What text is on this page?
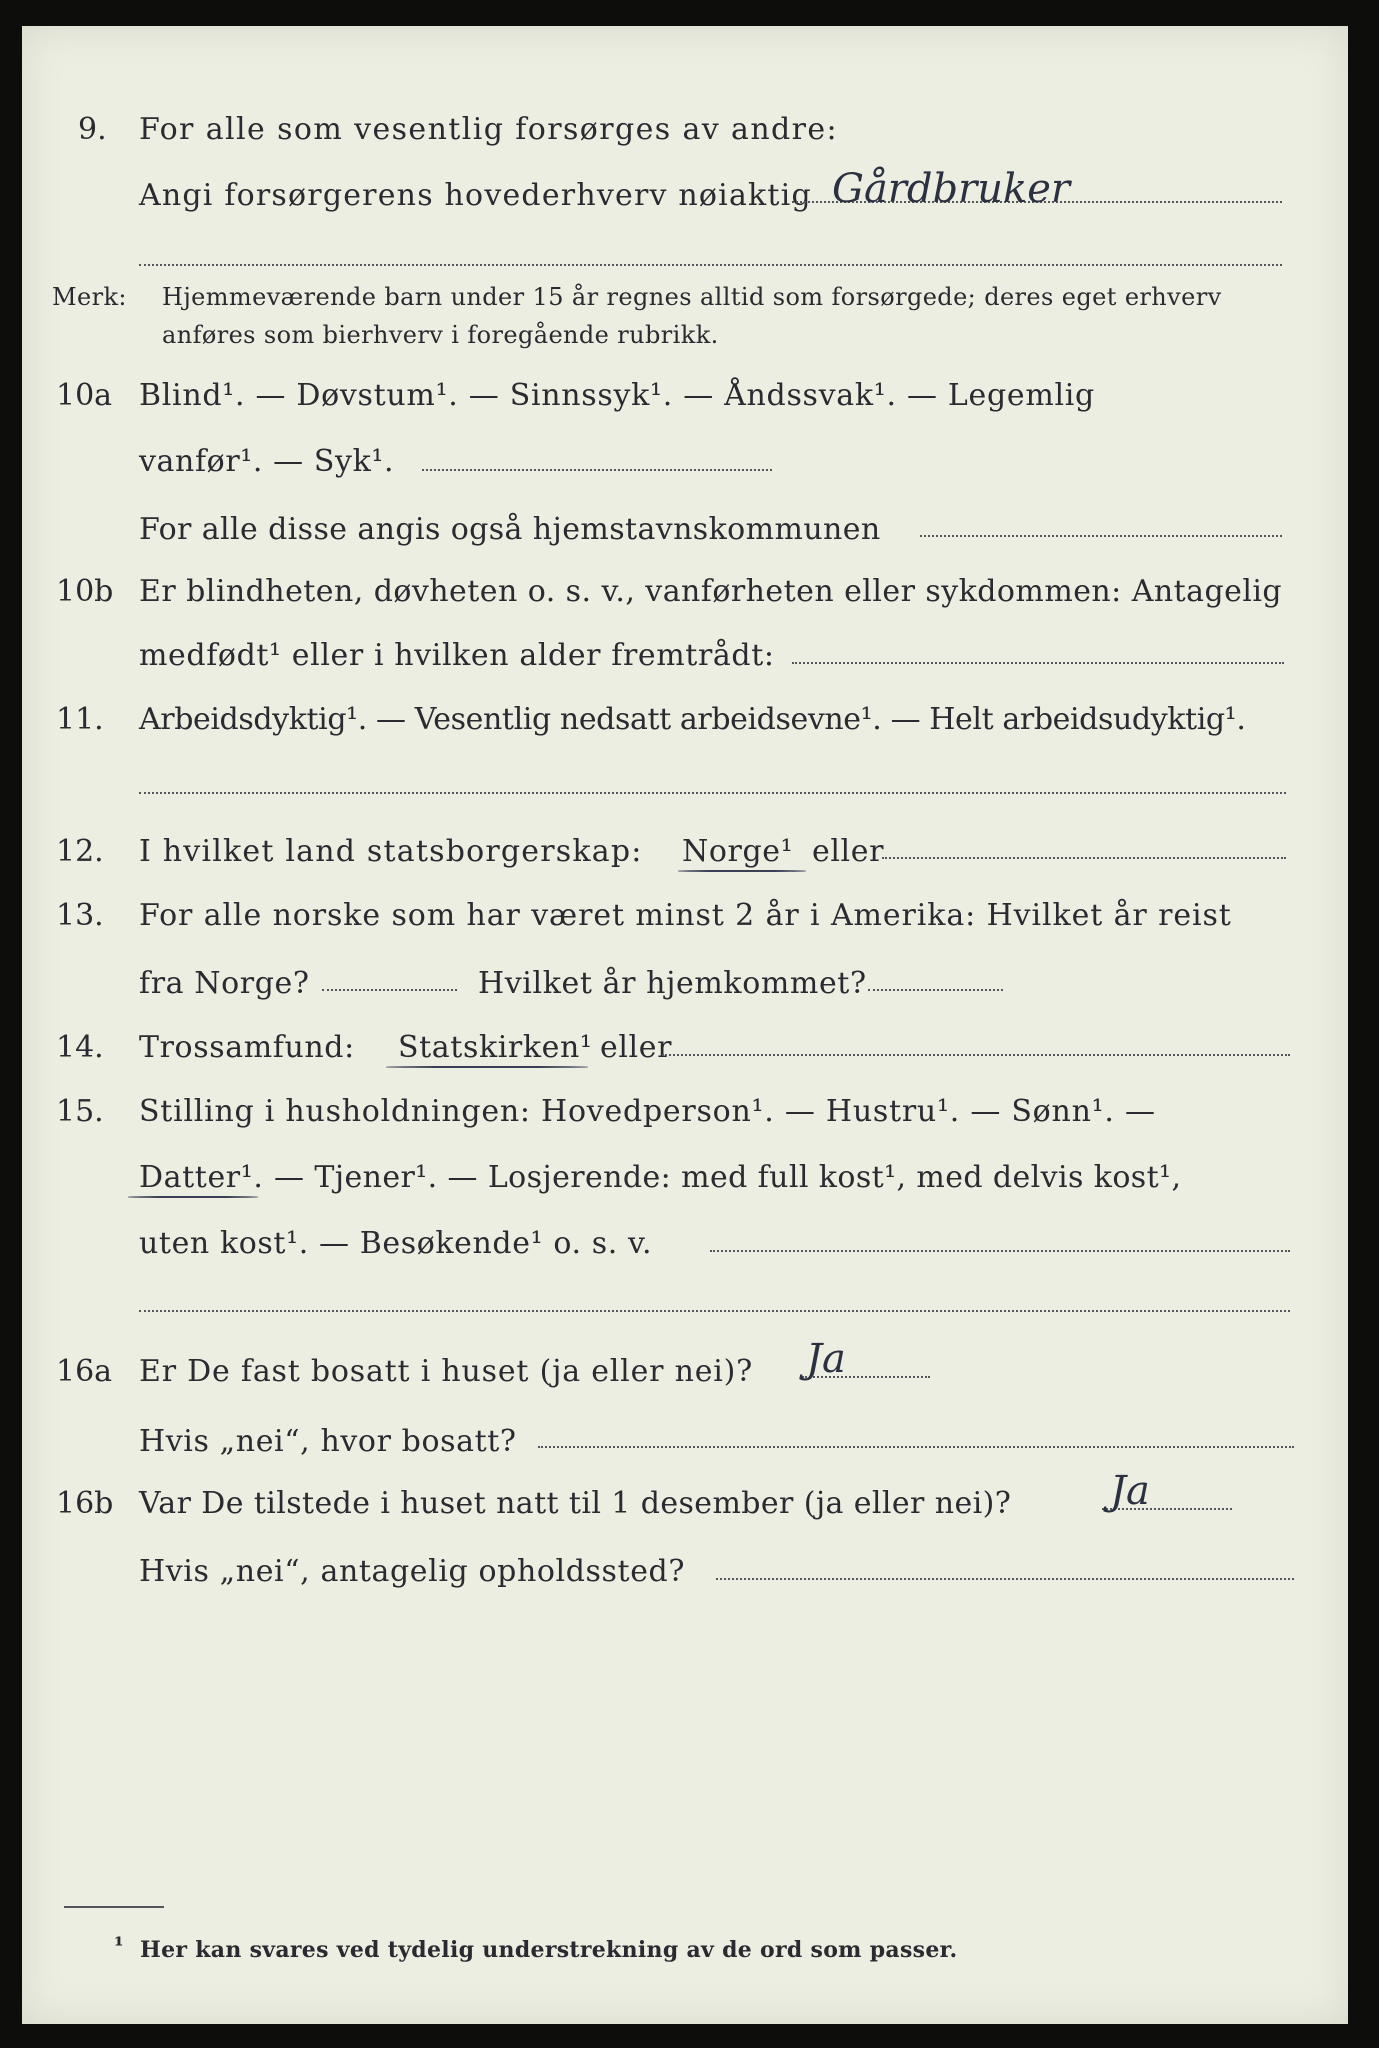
9. For alle som vesentlig forsørges av andre:
Angi forsørgerens hovederhverv nøiaktig Gårdbruker
Merk: Hjemmeværende barn under 15 år regnes alltid som forsørgede; deres eget erhverv
anføres som bierhverv i foregående rubrikk.
10a Blind¹. — Døvstum¹. — Sinnssyk¹. — Åndssvak¹. — Legemlig
vanfør¹. — Syk¹.
For alle disse angis også hjemstavnskommunen
10b Er blindheten, døvheten o. s. v., vanførheten eller sykdommen: Antagelig
medfødt¹ eller i hvilken alder fremtrådt:
11. Arbeidsdyktig¹. — Vesentlig nedsatt arbeidsevne¹. — Helt arbeidsudyktig¹.
12. I hvilket land statsborgerskap: Norge¹ eller
13. For alle norske som har været minst 2 år i Amerika: Hvilket år reist
fra Norge?	Hvilket år hjemkommet?
14. Trossamfund: Statskirken¹ eller
15. Stilling i husholdningen: Hovedperson¹. — Hustru¹. — Sønn¹. —
Datter¹. — Tjener¹. — Losjerende: med full kost¹, med delvis kost¹,
uten kost¹. — Besøkende¹ o. s. v.
16a Er De fast bosatt i huset (ja eller nei)? Ja
Hvis „nei“, hvor bosatt?
16b Var De tilstede i huset natt til 1 desember (ja eller nei)? Ja
Hvis „nei“, antagelig opholdssted?
¹ Her kan svares ved tydelig understrekning av de ord som passer.
